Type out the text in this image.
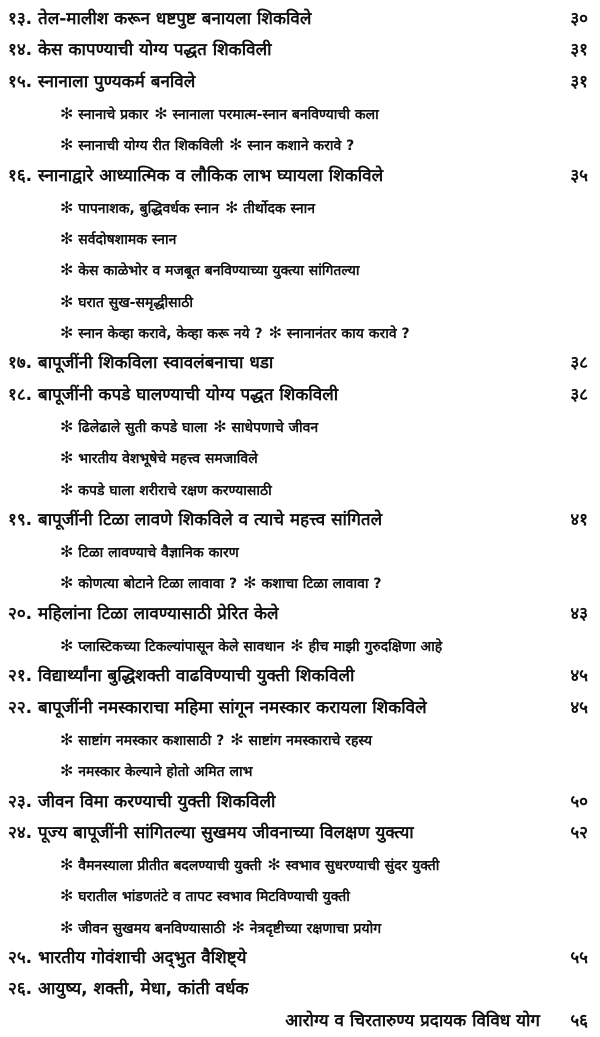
१३. तेल-मालीश करून धष्टपुष्ट बनायला शिकविले	३०
१४. केस कापण्याची योग्य पद्धत शिकविली	३१
१५. स्नानाला पुण्यकर्म बनविले	३१
✻ स्नानाचे प्रकार ✻ स्नानाला परमात्म-स्नान बनविण्याची कला
✻ स्नानाची योग्य रीत शिकविली ✻ स्नान कशाने करावे ?
१६. स्नानाद्वारे आध्यात्मिक व लौकिक लाभ घ्यायला शिकविले	३५
✻ पापनाशक, बुद्धिवर्धक स्नान ✻ तीर्थोदक स्नान
✻ सर्वदोषशामक स्नान
✻ केस काळेभोर व मजबूत बनविण्याच्या युक्त्या सांगितल्या
✻ घरात सुख-समृद्धीसाठी
✻ स्नान केव्हा करावे, केव्हा करू नये ? ✻ स्नानानंतर काय करावे ?
१७. बापूजींनी शिकविला स्वावलंबनाचा धडा	३८
१८. बापूजींनी कपडे घालण्याची योग्य पद्धत शिकविली	३८
✻ ढिलेढाले सुती कपडे घाला ✻ साधेपणाचे जीवन
✻ भारतीय वेशभूषेचे महत्त्व समजाविले
✻ कपडे घाला शरीराचे रक्षण करण्यासाठी
१९. बापूजींनी टिळा लावणे शिकविले व त्याचे महत्त्व सांगितले	४१
✻ टिळा लावण्याचे वैज्ञानिक कारण
✻ कोणत्या बोटाने टिळा लावावा ? ✻ कशाचा टिळा लावावा ?
२०. महिलांना टिळा लावण्यासाठी प्रेरित केले	४३
✻ प्लास्टिकच्या टिकल्यांपासून केले सावधान ✻ हीच माझी गुरुदक्षिणा आहे
२१. विद्यार्थ्यांना बुद्धिशक्ती वाढविण्याची युक्ती शिकविली	४५
२२. बापूजींनी नमस्काराचा महिमा सांगून नमस्कार करायला शिकविले	४५
✻ साष्टांग नमस्कार कशासाठी ? ✻ साष्टांग नमस्काराचे रहस्य
✻ नमस्कार केल्याने होतो अमित लाभ
२३. जीवन विमा करण्याची युक्ती शिकविली	५०
२४. पूज्य बापूजींनी सांगितल्या सुखमय जीवनाच्या विलक्षण युक्त्या	५२
✻ वैमनस्याला प्रीतीत बदलण्याची युक्ती ✻ स्वभाव सुधरण्याची सुंदर युक्ती
✻ घरातील भांडणतंटे व तापट स्वभाव मिटविण्याची युक्ती
✻ जीवन सुखमय बनविण्यासाठी ✻ नेत्रदृष्टीच्या रक्षणाचा प्रयोग
२५. भारतीय गोवंशाची अद्‌भुत वैशिष्ट्ये	५५
२६. आयुष्य, शक्ती, मेधा, कांती वर्धक
आरोग्य व चिरतारुण्य प्रदायक विविध योग ५६
